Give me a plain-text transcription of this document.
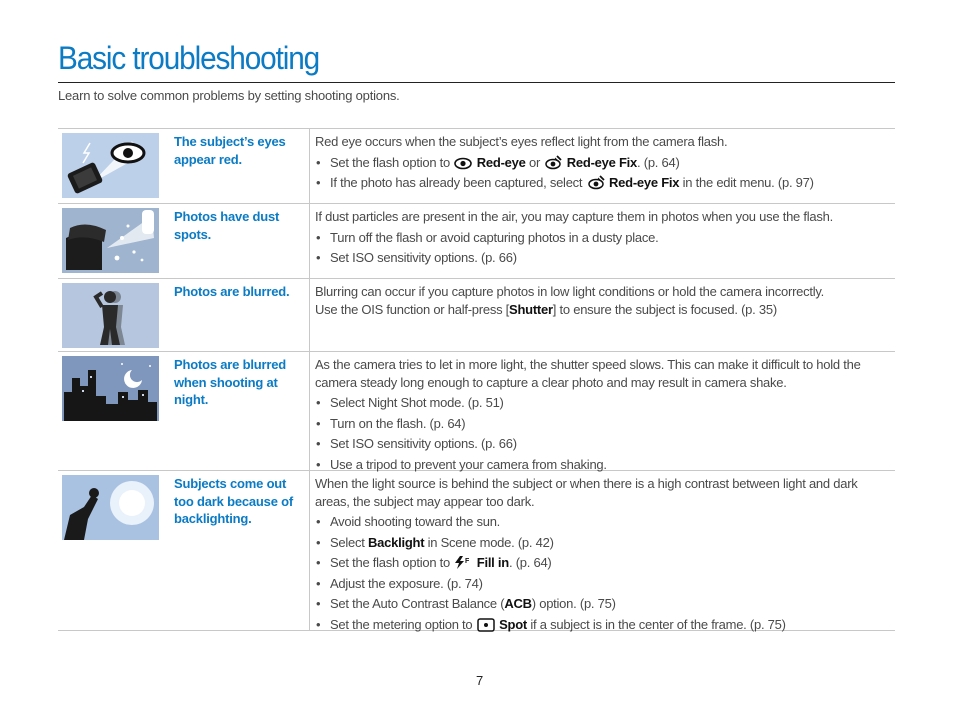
Basic troubleshooting
Learn to solve common problems by setting shooting options.
The subject’s eyes appear red.

Red eye occurs when the subject’s eyes reflect light from the camera flash.

• Set the flash option to Red-eye or Red-eye Fix. (p. 64)
• If the photo has already been captured, select Red-eye Fix in the edit menu. (p. 97)
Photos have dust spots.

If dust particles are present in the air, you may capture them in photos when you use the flash.

• Turn off the flash or avoid capturing photos in a dusty place.
• Set ISO sensitivity options. (p. 66)
Photos are blurred.	Blurring can occur if you capture photos in low light conditions or hold the camera incorrectly.

Use the OIS function or half-press [Shutter] to ensure the subject is focused. (p. 35)

Photos are blurred when shooting at night.

As the camera tries to let in more light, the shutter speed slows. This can make it difficult to hold the camera steady long enough to capture a clear photo and may result in camera shake.

• Select Night Shot mode. (p. 51)
• Turn on the flash. (p. 64)
• Set ISO sensitivity options. (p. 66)
• Use a tripod to prevent your camera from shaking.
Subjects come out too dark because of backlighting.

When the light source is behind the subject or when there is a high contrast between light and dark areas, the subject may appear too dark.

• Avoid shooting toward the sun.
• Select Backlight in Scene mode. (p. 42)
• Set the flash option to F Fill in. (p. 64)
• Adjust the exposure. (p. 74)
• Set the Auto Contrast Balance (ACB) option. (p. 75)
• Set the metering option to Spot if a subject is in the center of the frame. (p. 75)
7
